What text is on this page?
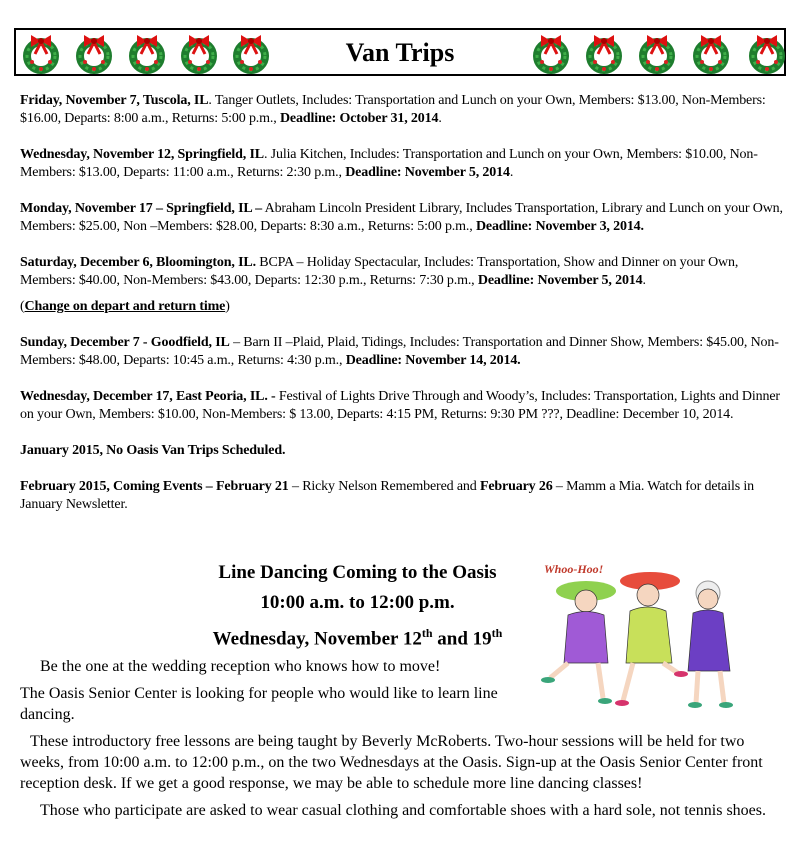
Van Trips

Friday, November 7, Tuscola, IL. Tanger Outlets, Includes: Transportation and Lunch on your Own, Members: $13.00, Non-Members: $16.00, Departs: 8:00 a.m., Returns: 5:00 p.m., Deadline: October 31, 2014.

Wednesday, November 12, Springfield, IL. Julia Kitchen, Includes: Transportation and Lunch on your Own, Members: $10.00, Non-Members: $13.00, Departs: 11:00 a.m., Returns: 2:30 p.m., Deadline: November 5, 2014.

Monday, November 17 – Springfield, IL – Abraham Lincoln President Library, Includes Transportation, Library and Lunch on your Own, Members: $25.00, Non –Members: $28.00, Departs: 8:30 a.m., Returns: 5:00 p.m., Deadline: November 3, 2014.

Saturday, December 6, Bloomington, IL. BCPA – Holiday Spectacular, Includes: Transportation, Show and Dinner on your Own, Members: $40.00, Non-Members: $43.00, Departs: 12:30 p.m., Returns: 7:30 p.m., Deadline: November 5, 2014.

(Change on depart and return time)

Sunday, December 7 - Goodfield, IL – Barn II –Plaid, Plaid, Tidings, Includes: Transportation and Dinner Show, Members: $45.00, Non-Members: $48.00, Departs: 10:45 a.m., Returns: 4:30 p.m., Deadline: November 14, 2014.

Wednesday, December 17, East Peoria, IL. - Festival of Lights Drive Through and Woody’s, Includes: Transportation, Lights and Dinner on your Own, Members: $10.00, Non-Members: $ 13.00, Departs: 4:15 PM, Returns: 9:30 PM ???, Deadline: December 10, 2014.

January 2015, No Oasis Van Trips Scheduled.

February 2015, Coming Events – February 21 – Ricky Nelson Remembered and February 26 – Mamm a Mia. Watch for details in January Newsletter.

Line Dancing Coming to the Oasis
10:00 a.m. to 12:00 p.m.
Wednesday, November 12th and 19th
Whoo-Hoo!

Be the one at the wedding reception who knows how to move!

The Oasis Senior Center is looking for people who would like to learn line dancing.

These introductory free lessons are being taught by Beverly McRoberts. Two-hour sessions will be held for two weeks, from 10:00 a.m. to 12:00 p.m., on the two Wednesdays at the Oasis. Sign-up at the Oasis Senior Center front reception desk. If we get a good response, we may be able to schedule more line dancing classes!

Those who participate are asked to wear casual clothing and comfortable shoes with a hard sole, not tennis shoes.
